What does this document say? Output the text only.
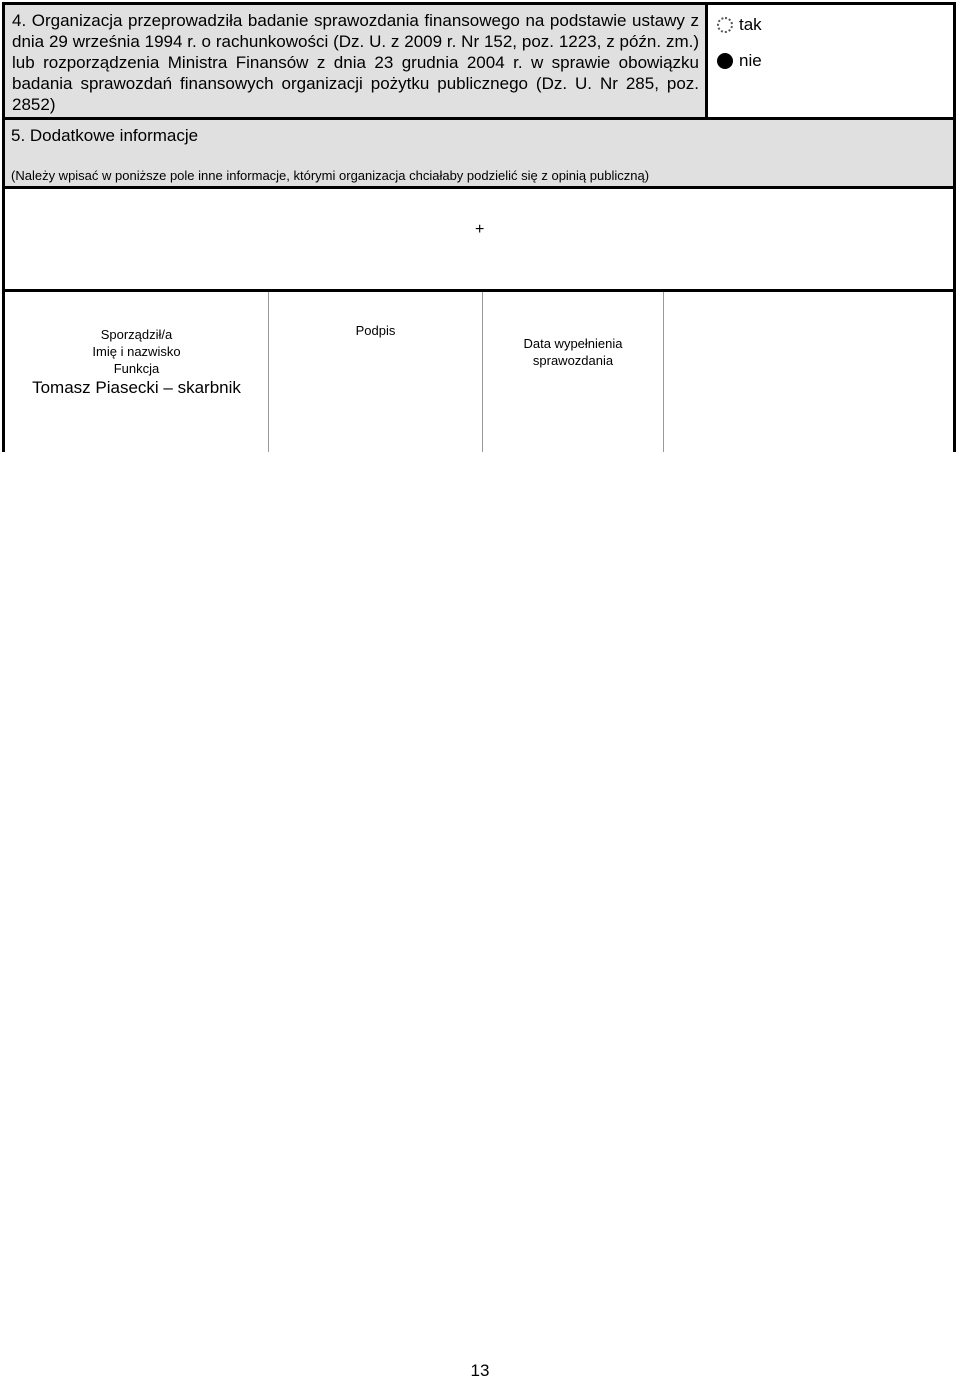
4. Organizacja przeprowadziła badanie sprawozdania finansowego na podstawie ustawy z dnia 29 września 1994 r. o rachunkowości (Dz. U. z 2009 r. Nr 152, poz. 1223, z późn. zm.) lub rozporządzenia Ministra Finansów z dnia 23 grudnia 2004 r. w sprawie obowiązku badania sprawozdań finansowych organizacji pożytku publicznego (Dz. U. Nr 285, poz. 2852)
tak
nie
5. Dodatkowe informacje
(Należy wpisać w poniższe pole inne informacje, którymi organizacja chciałaby podzielić się z opinią publiczną)
+
Sporządził/a
Imię i nazwisko
Funkcja
Tomasz Piasecki – skarbnik
Podpis
Data wypełnienia
sprawozdania
13
